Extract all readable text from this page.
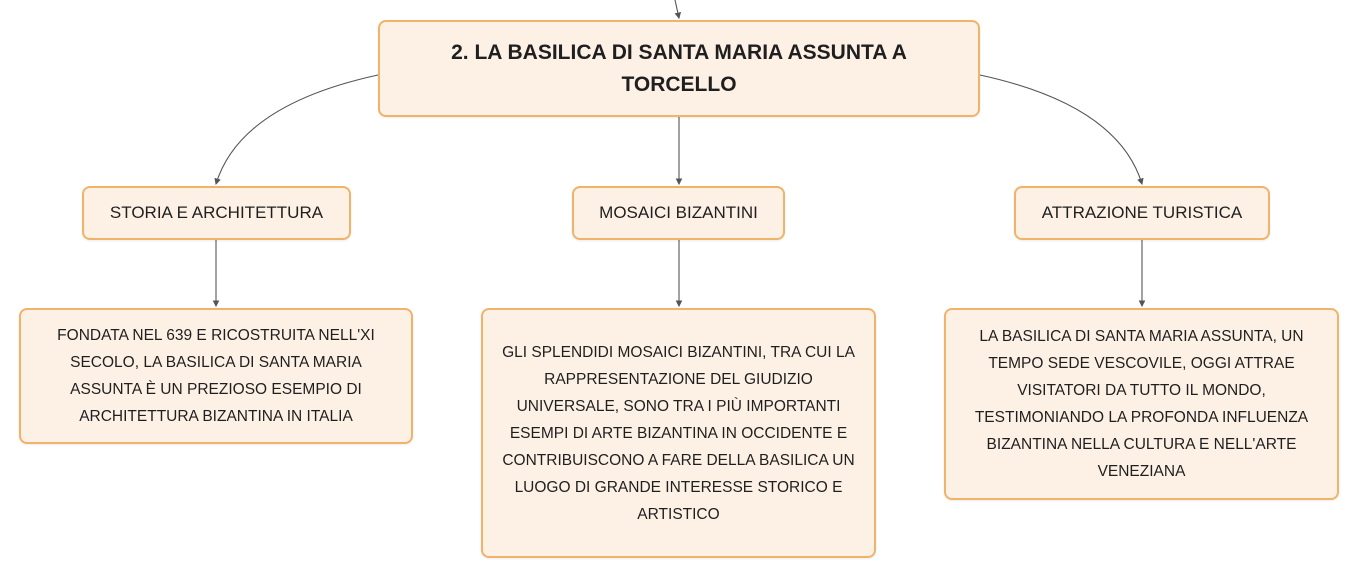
2. LA BASILICA DI SANTA MARIA ASSUNTA A TORCELLO
STORIA E ARCHITETTURA	MOSAICI BIZANTINI	ATTRAZIONE TURISTICA
FONDATA NEL 639 E RICOSTRUITA NELL'XI SECOLO, LA BASILICA DI SANTA MARIA ASSUNTA È UN PREZIOSO ESEMPIO DI ARCHITETTURA BIZANTINA IN ITALIA
GLI SPLENDIDI MOSAICI BIZANTINI, TRA CUI LA RAPPRESENTAZIONE DEL GIUDIZIO UNIVERSALE, SONO TRA I PIÙ IMPORTANTI ESEMPI DI ARTE BIZANTINA IN OCCIDENTE E CONTRIBUISCONO A FARE DELLA BASILICA UN LUOGO DI GRANDE INTERESSE STORICO E ARTISTICO
LA BASILICA DI SANTA MARIA ASSUNTA, UN TEMPO SEDE VESCOVILE, OGGI ATTRAE VISITATORI DA TUTTO IL MONDO, TESTIMONIANDO LA PROFONDA INFLUENZA BIZANTINA NELLA CULTURA E NELL'ARTE VENEZIANA
